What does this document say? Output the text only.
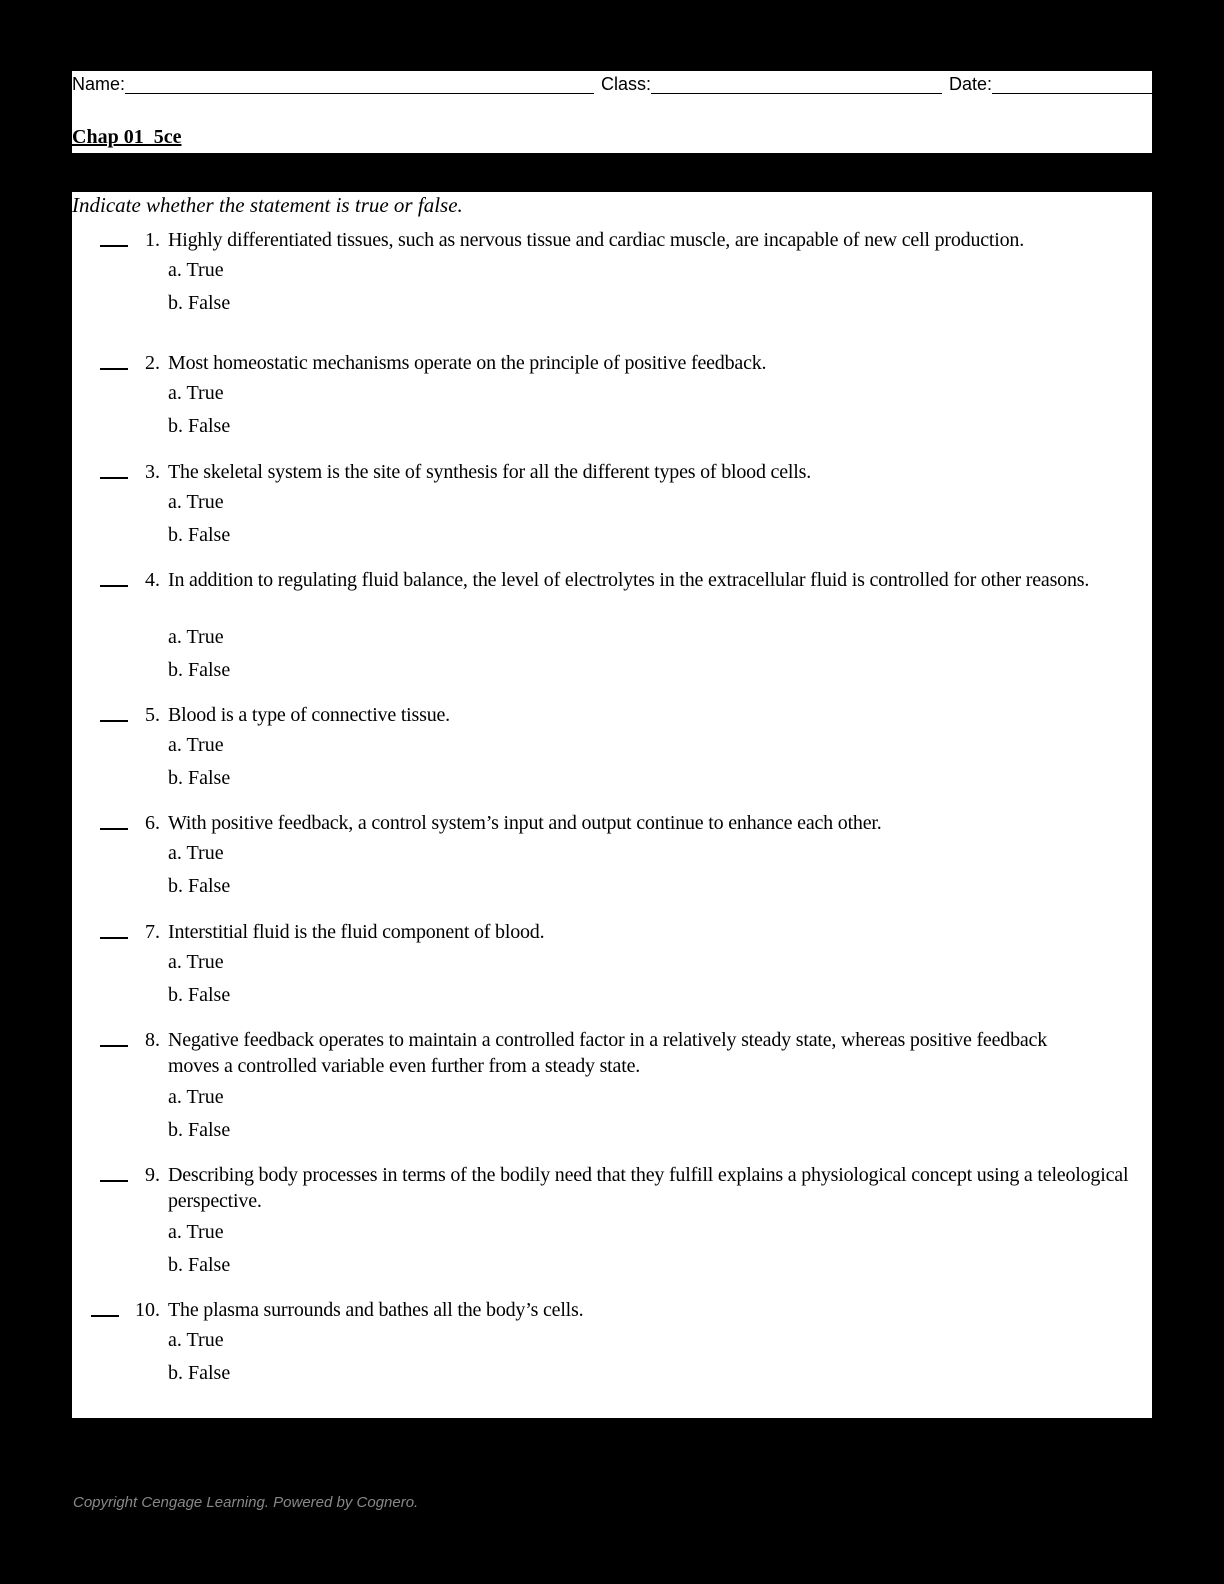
Name:	Class:	Date:
Chap 01_5ce
Indicate whether the statement is true or false.
1. Highly differentiated tissues, such as nervous tissue and cardiac muscle, are incapable of new cell production.
a. True
b. False
2. Most homeostatic mechanisms operate on the principle of positive feedback.
a. True
b. False
3. The skeletal system is the site of synthesis for all the different types of blood cells.
a. True
b. False
4. In addition to regulating fluid balance, the level of electrolytes in the extracellular fluid is controlled for other reasons.
a. True
b. False
5. Blood is a type of connective tissue.
a. True
b. False
6. With positive feedback, a control system’s input and output continue to enhance each other.
a. True
b. False
7. Interstitial fluid is the fluid component of blood.
a. True
b. False
8. Negative feedback operates to maintain a controlled factor in a relatively steady state, whereas positive feedback moves a controlled variable even further from a steady state.
a. True
b. False
9. Describing body processes in terms of the bodily need that they fulfill explains a physiological concept using a teleological perspective.
a. True
b. False
10. The plasma surrounds and bathes all the body’s cells.
a. True
b. False
Copyright Cengage Learning. Powered by Cognero.
